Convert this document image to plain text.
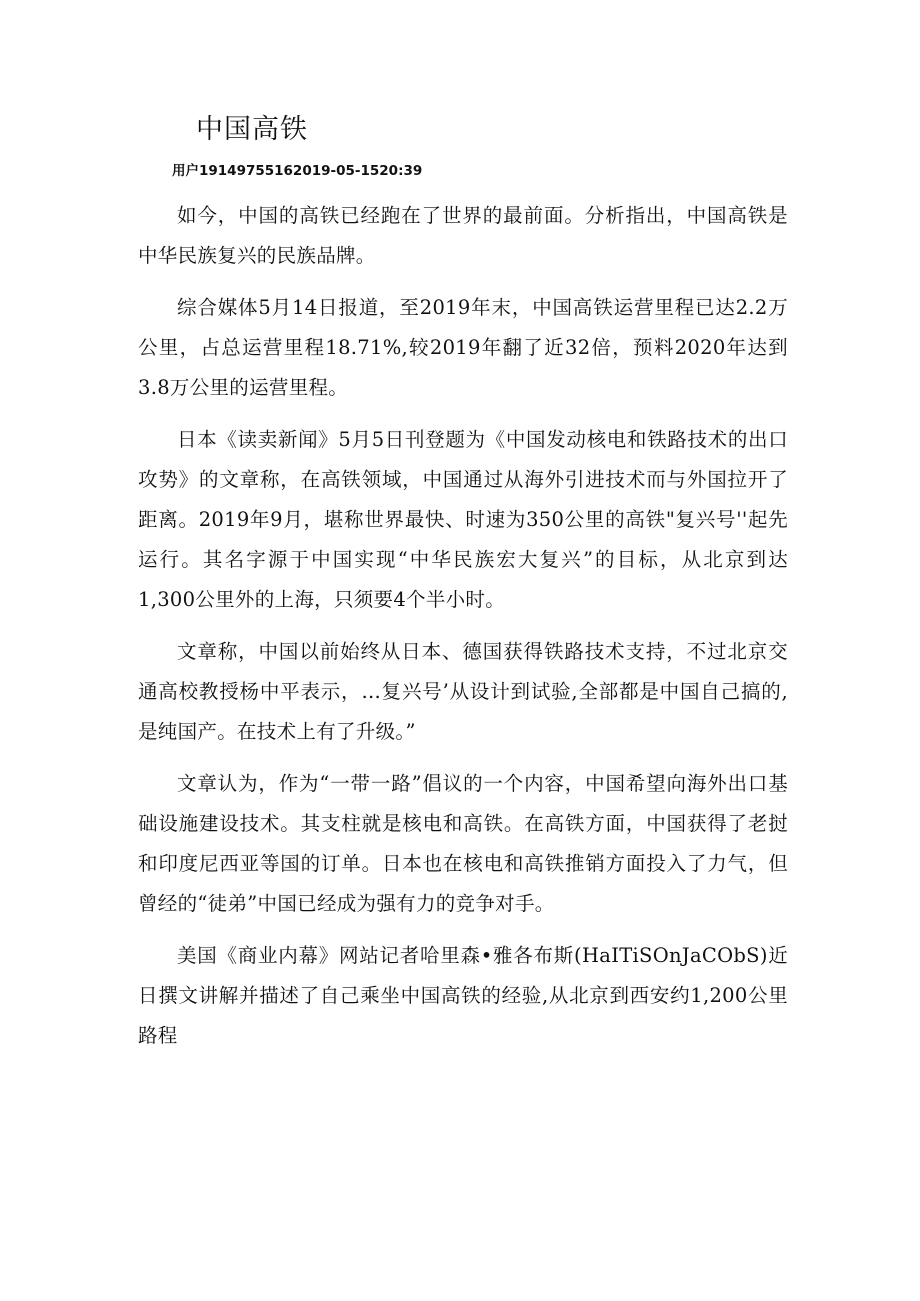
中国高铁

用户19149755162019-05-1520:39

如今，中国的高铁已经跑在了世界的最前面。分析指出，中国高铁是中华民族复兴的民族品牌。

综合媒体5月14日报道，至2019年末，中国高铁运营里程已达2.2万公里，占总运营里程18.71%,较2019年翻了近32倍，预料2020年达到3.8万公里的运营里程。

日本《读卖新闻》5月5日刊登题为《中国发动核电和铁路技术的出口攻势》的文章称，在高铁领域，中国通过从海外引进技术而与外国拉开了距离。2019年9月，堪称世界最快、时速为350公里的高铁"复兴号''起先运行。其名字源于中国实现“中华民族宏大复兴”的目标，从北京到达1,300公里外的上海，只须要4个半小时。

文章称，中国以前始终从日本、德国获得铁路技术支持，不过北京交通高校教授杨中平表示，…复兴号’从设计到试验,全部都是中国自己搞的,是纯国产。在技术上有了升级。”

文章认为，作为“一带一路”倡议的一个内容，中国希望向海外出口基础设施建设技术。其支柱就是核电和高铁。在高铁方面，中国获得了老挝和印度尼西亚等国的订单。日本也在核电和高铁推销方面投入了力气，但曾经的“徒弟”中国已经成为强有力的竞争对手。

美国《商业内幕》网站记者哈里森•雅各布斯(HaITiSOnJaCObS)近日撰文讲解并描述了自己乘坐中国高铁的经验,从北京到西安约1,200公里路程
